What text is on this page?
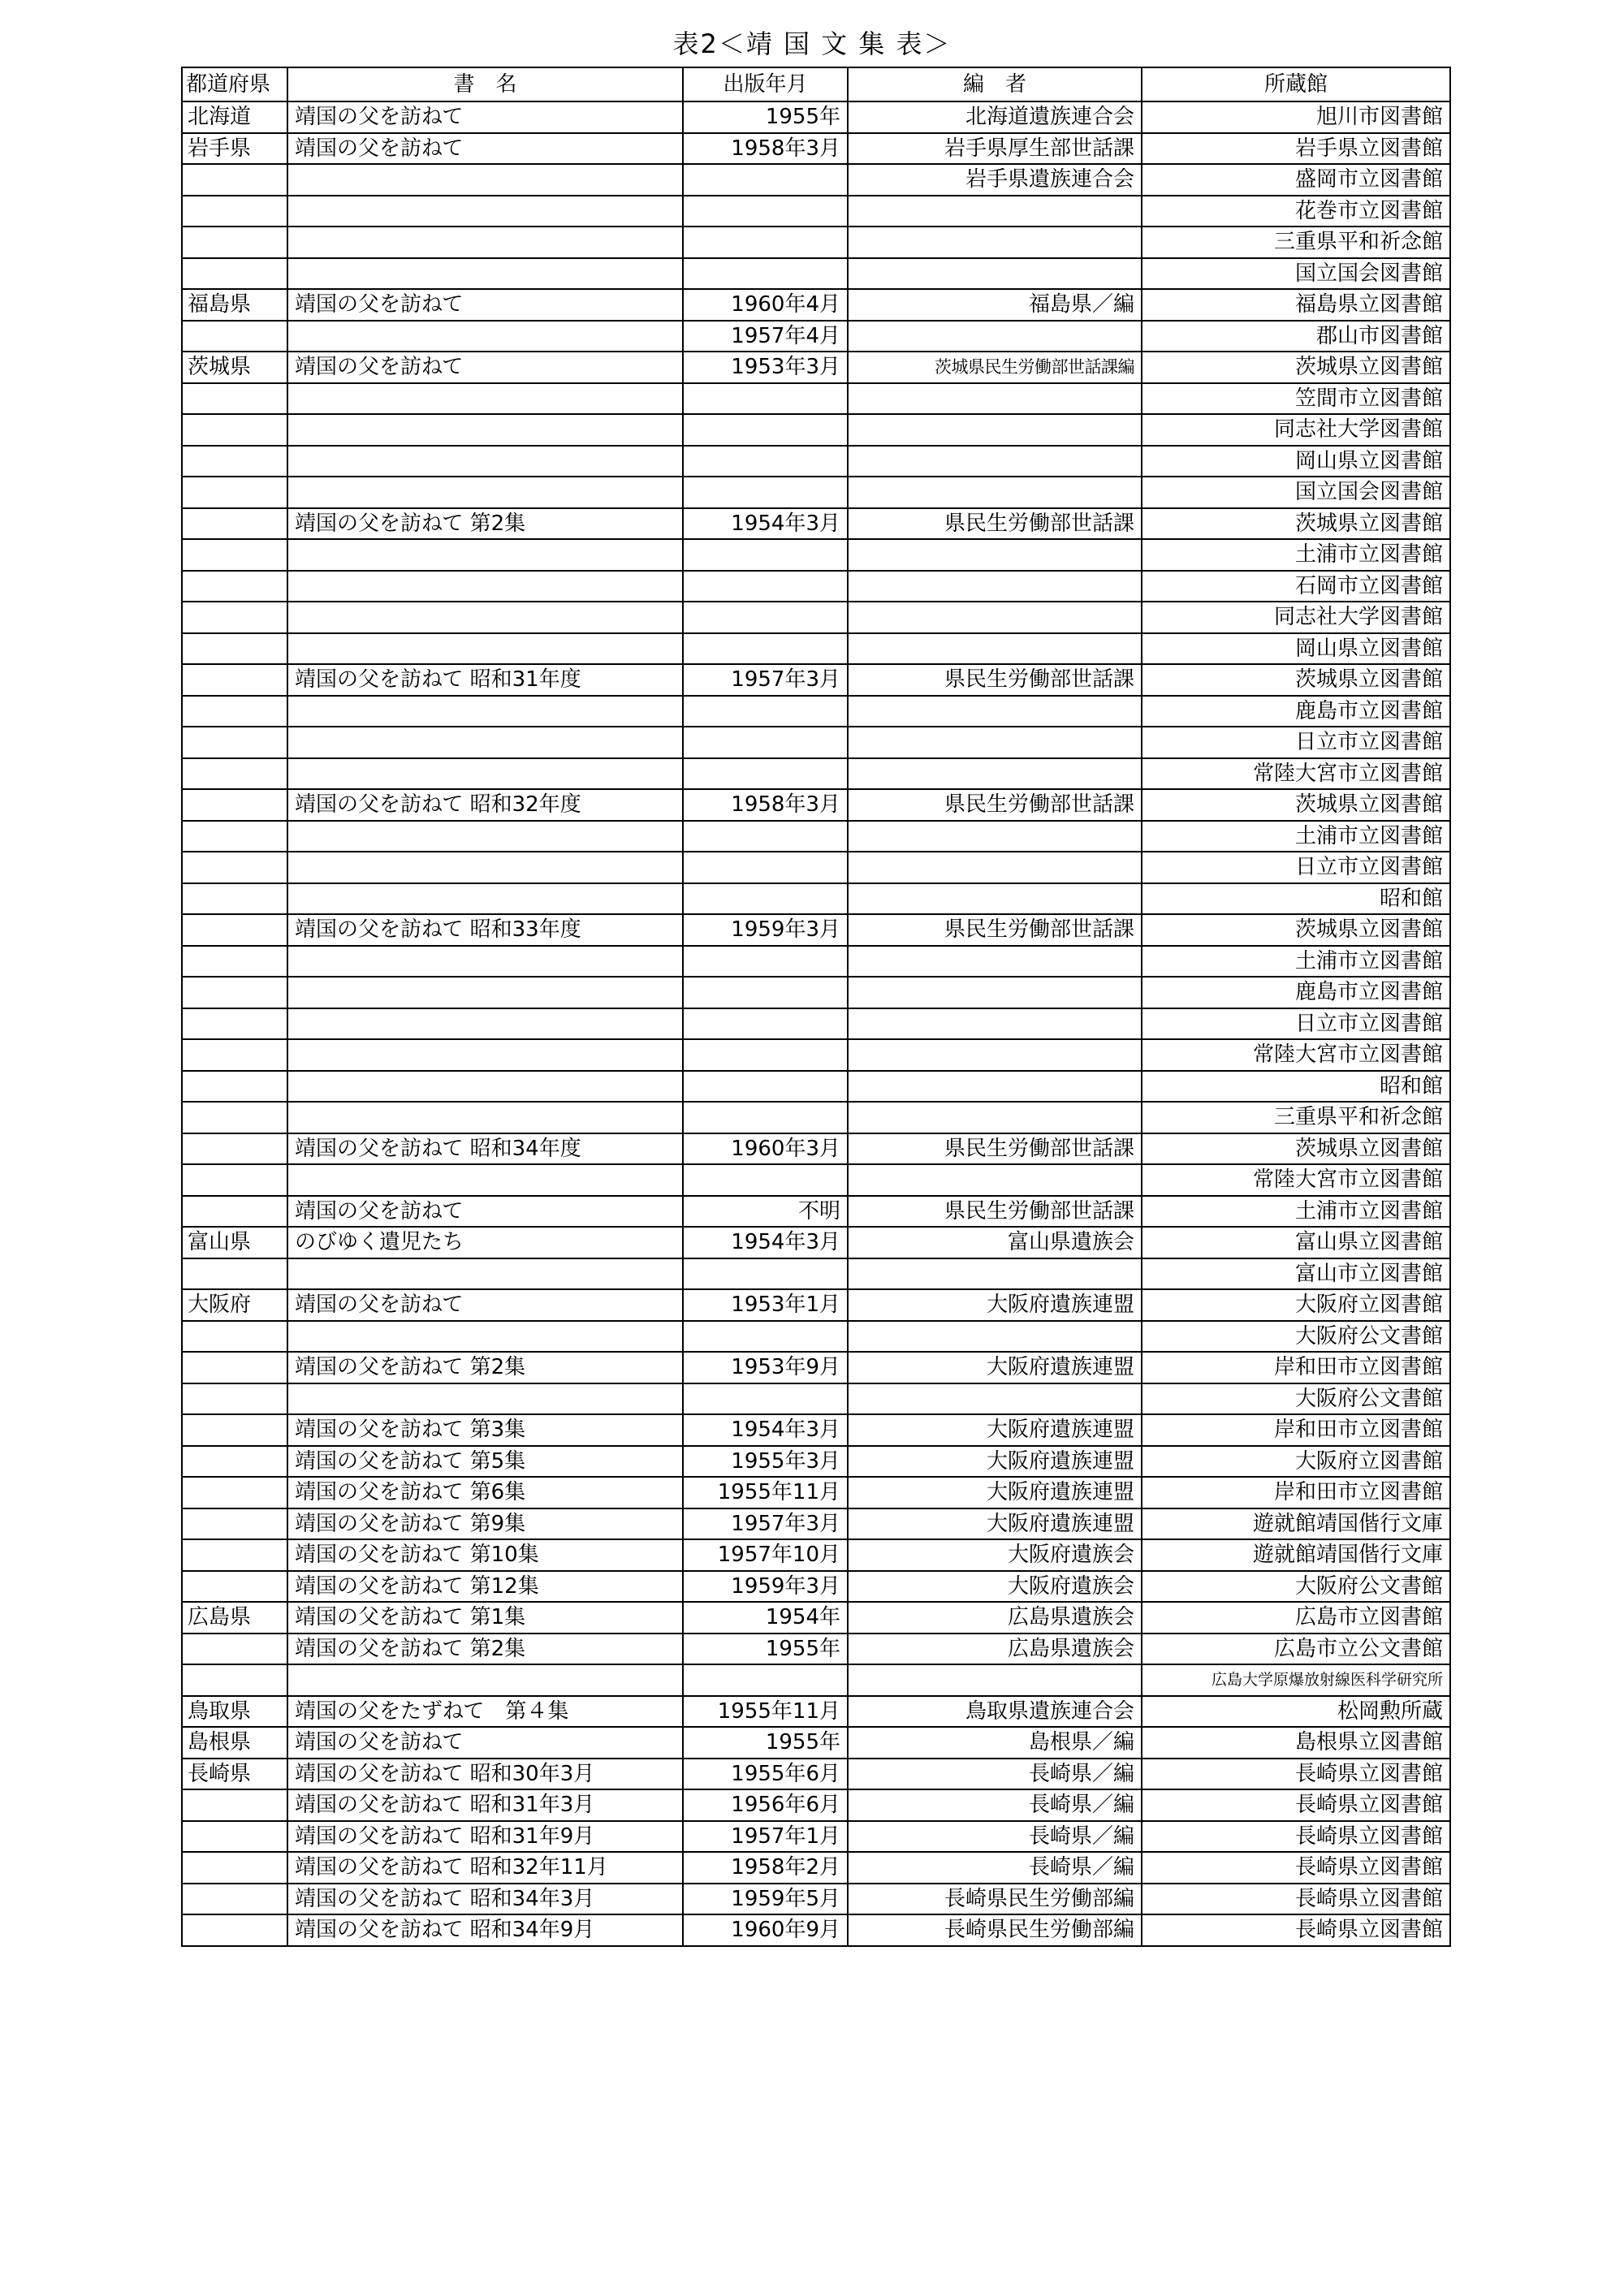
表2＜靖 国 文 集 表＞
都道府県	書　名	出版年月	編　者	所蔵館
北海道	靖国の父を訪ねて	1955年	北海道遺族連合会	旭川市図書館
岩手県	靖国の父を訪ねて	1958年3月	岩手県厚生部世話課	岩手県立図書館
			岩手県遺族連合会	盛岡市立図書館
				花巻市立図書館
				三重県平和祈念館
				国立国会図書館
福島県	靖国の父を訪ねて	1960年4月	福島県／編	福島県立図書館
		1957年4月		郡山市図書館
茨城県	靖国の父を訪ねて	1953年3月	茨城県民生労働部世話課編	茨城県立図書館
				笠間市立図書館
				同志社大学図書館
				岡山県立図書館
				国立国会図書館
	靖国の父を訪ねて 第2集	1954年3月	県民生労働部世話課	茨城県立図書館
				土浦市立図書館
				石岡市立図書館
				同志社大学図書館
				岡山県立図書館
	靖国の父を訪ねて 昭和31年度	1957年3月	県民生労働部世話課	茨城県立図書館
				鹿島市立図書館
				日立市立図書館
				常陸大宮市立図書館
	靖国の父を訪ねて 昭和32年度	1958年3月	県民生労働部世話課	茨城県立図書館
				土浦市立図書館
				日立市立図書館
				昭和館
	靖国の父を訪ねて 昭和33年度	1959年3月	県民生労働部世話課	茨城県立図書館
				土浦市立図書館
				鹿島市立図書館
				日立市立図書館
				常陸大宮市立図書館
				昭和館
				三重県平和祈念館
	靖国の父を訪ねて 昭和34年度	1960年3月	県民生労働部世話課	茨城県立図書館
				常陸大宮市立図書館
	靖国の父を訪ねて	不明	県民生労働部世話課	土浦市立図書館
富山県	のびゆく遺児たち	1954年3月	富山県遺族会	富山県立図書館
				富山市立図書館
大阪府	靖国の父を訪ねて	1953年1月	大阪府遺族連盟	大阪府立図書館
				大阪府公文書館
	靖国の父を訪ねて 第2集	1953年9月	大阪府遺族連盟	岸和田市立図書館
				大阪府公文書館
	靖国の父を訪ねて 第3集	1954年3月	大阪府遺族連盟	岸和田市立図書館
	靖国の父を訪ねて 第5集	1955年3月	大阪府遺族連盟	大阪府立図書館
	靖国の父を訪ねて 第6集	1955年11月	大阪府遺族連盟	岸和田市立図書館
	靖国の父を訪ねて 第9集	1957年3月	大阪府遺族連盟	遊就館靖国偕行文庫
	靖国の父を訪ねて 第10集	1957年10月	大阪府遺族会	遊就館靖国偕行文庫
	靖国の父を訪ねて 第12集	1959年3月	大阪府遺族会	大阪府公文書館
広島県	靖国の父を訪ねて 第1集	1954年	広島県遺族会	広島市立図書館
	靖国の父を訪ねて 第2集	1955年	広島県遺族会	広島市立公文書館
				広島大学原爆放射線医科学研究所
鳥取県	靖国の父をたずねて　第４集	1955年11月	鳥取県遺族連合会	松岡勲所蔵
島根県	靖国の父を訪ねて	1955年	島根県／編	島根県立図書館
長崎県	靖国の父を訪ねて 昭和30年3月	1955年6月	長崎県／編	長崎県立図書館
	靖国の父を訪ねて 昭和31年3月	1956年6月	長崎県／編	長崎県立図書館
	靖国の父を訪ねて 昭和31年9月	1957年1月	長崎県／編	長崎県立図書館
	靖国の父を訪ねて 昭和32年11月	1958年2月	長崎県／編	長崎県立図書館
	靖国の父を訪ねて 昭和34年3月	1959年5月	長崎県民生労働部編	長崎県立図書館
	靖国の父を訪ねて 昭和34年9月	1960年9月	長崎県民生労働部編	長崎県立図書館
